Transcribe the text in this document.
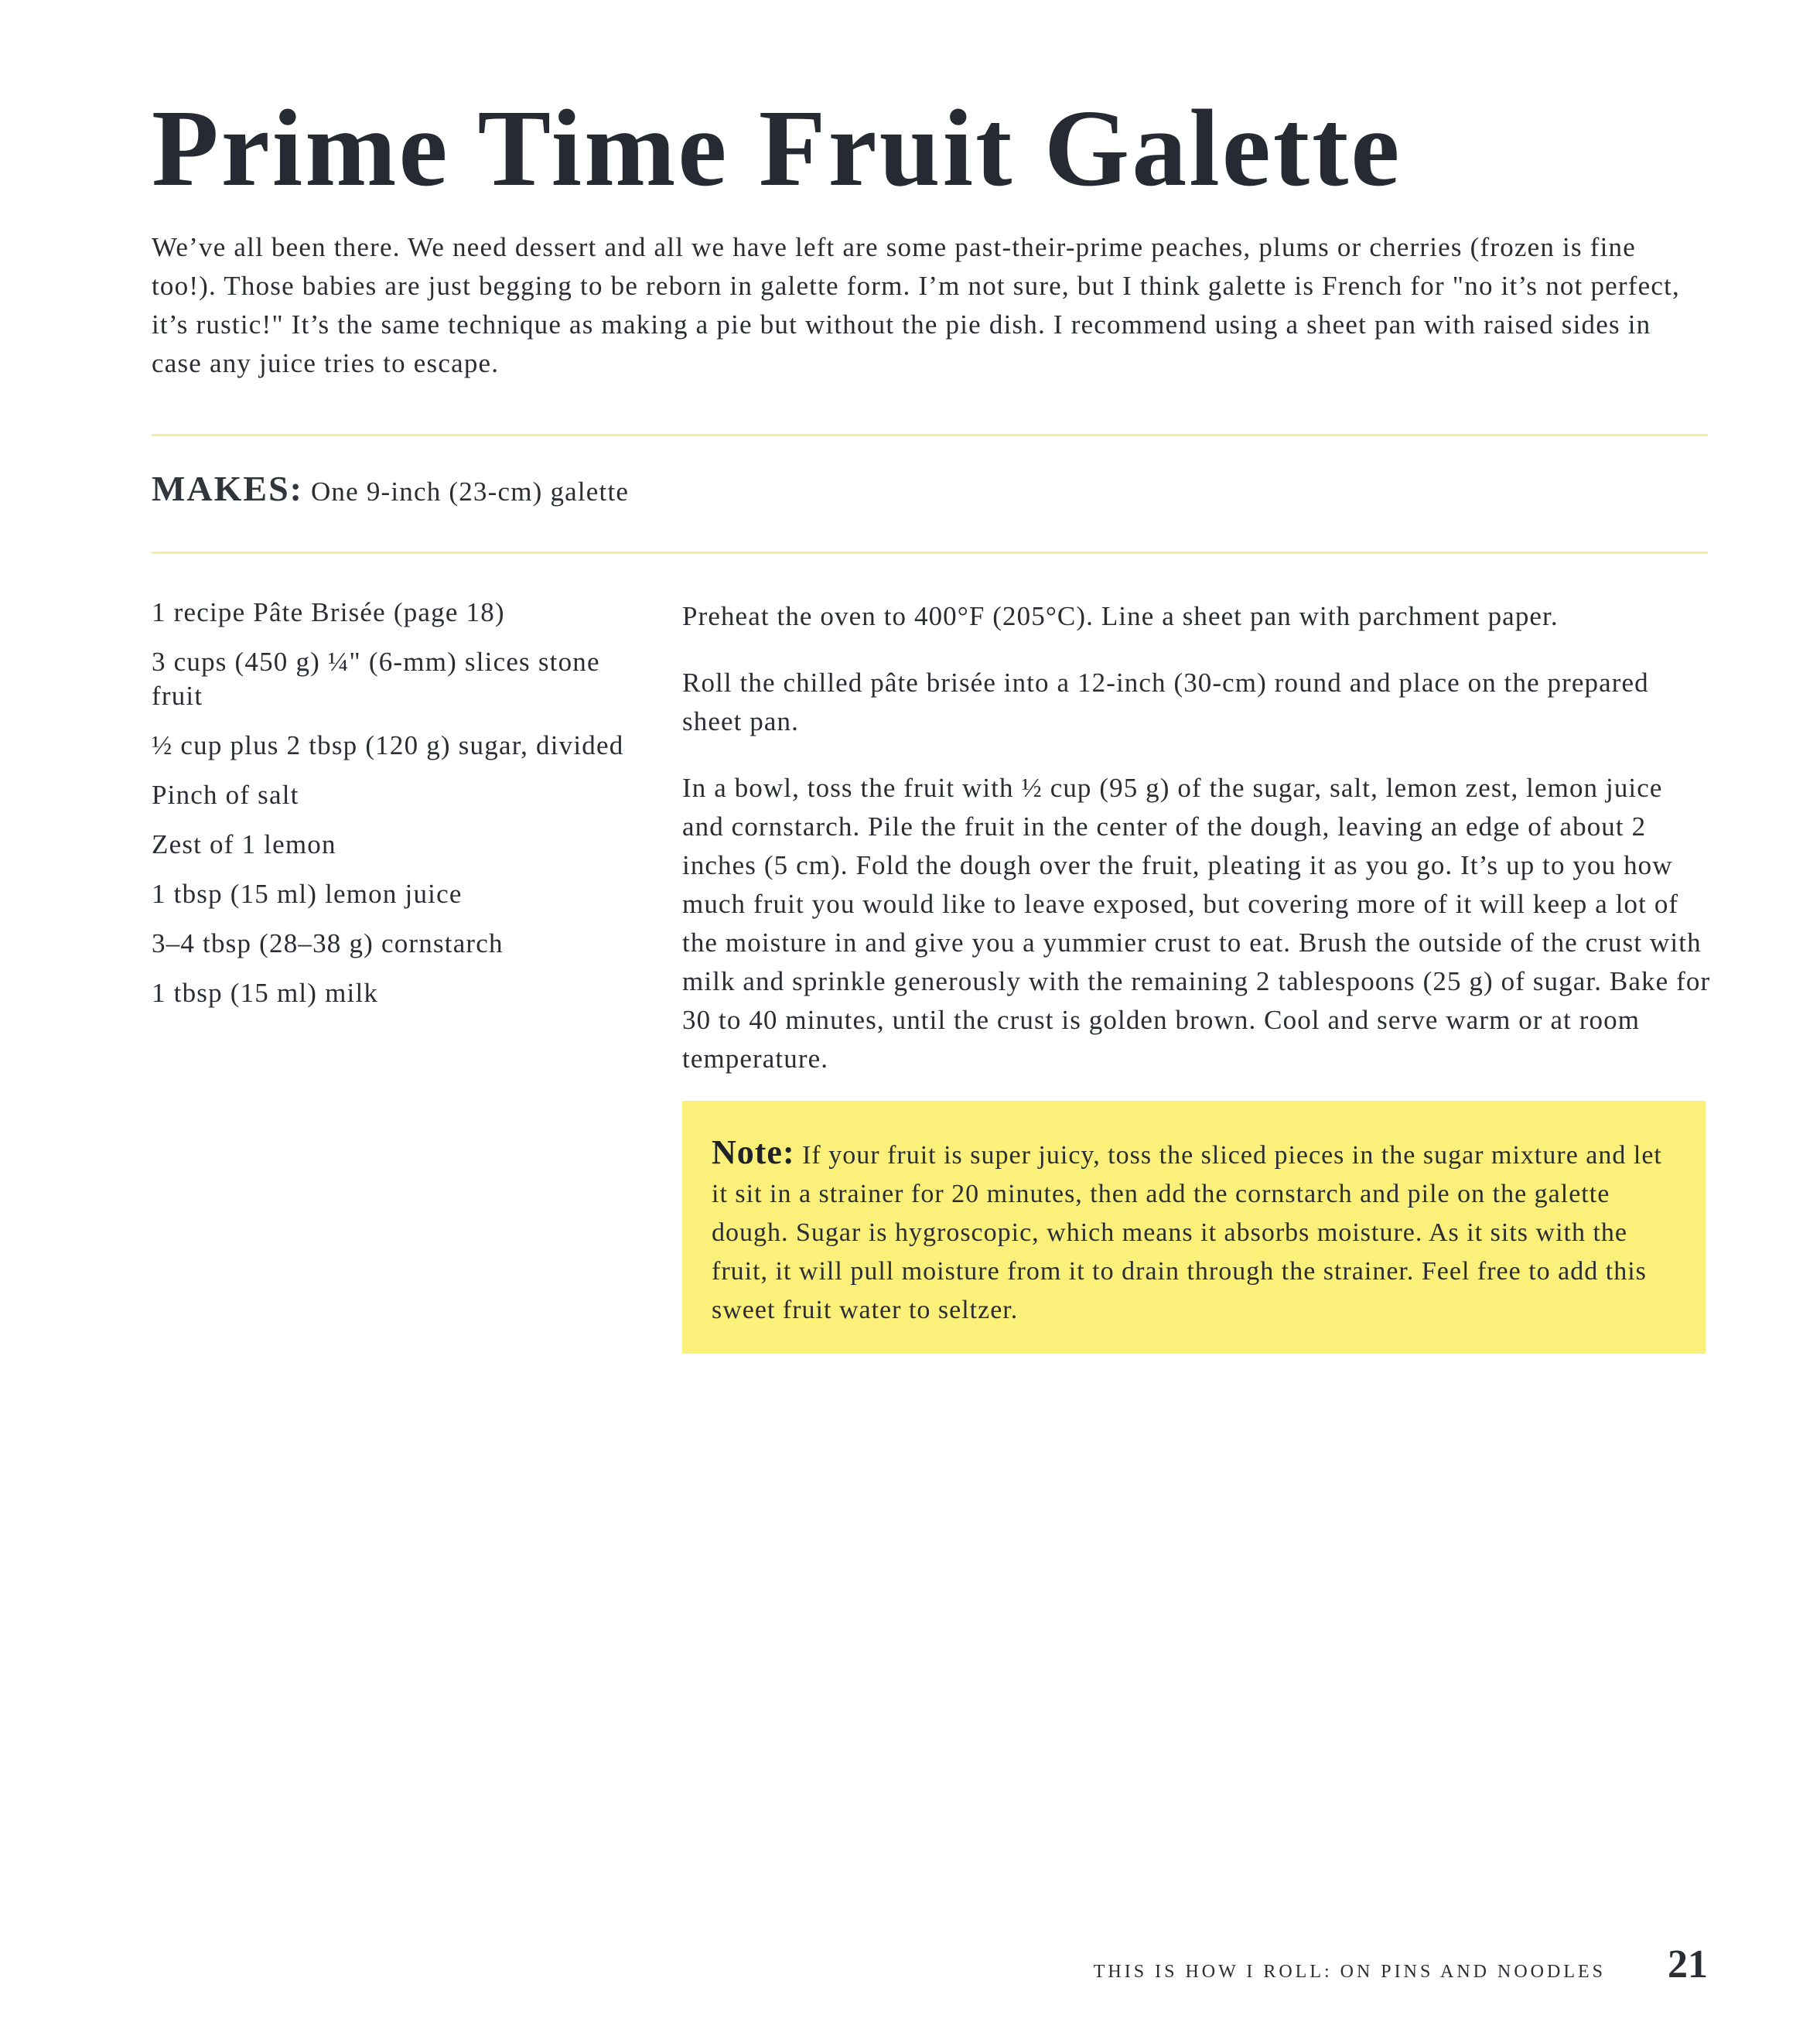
Prime Time Fruit Galette

We’ve all been there. We need dessert and all we have left are some past-their-prime peaches, plums or cherries (frozen is fine too!). Those babies are just begging to be reborn in galette form. I’m not sure, but I think galette is French for "no it’s not perfect, it’s rustic!" It’s the same technique as making a pie but without the pie dish. I recommend using a sheet pan with raised sides in case any juice tries to escape.

MAKES: One 9-inch (23-cm) galette
1 recipe Pâte Brisée (page 18)
3 cups (450 g) ¼" (6-mm) slices stone fruit
½ cup plus 2 tbsp (120 g) sugar, divided
Pinch of salt
Zest of 1 lemon
1 tbsp (15 ml) lemon juice
3–4 tbsp (28–38 g) cornstarch
1 tbsp (15 ml) milk

Preheat the oven to 400°F (205°C). Line a sheet pan with parchment paper.

Roll the chilled pâte brisée into a 12-inch (30-cm) round and place on the prepared sheet pan.

In a bowl, toss the fruit with ½ cup (95 g) of the sugar, salt, lemon zest, lemon juice and cornstarch. Pile the fruit in the center of the dough, leaving an edge of about 2 inches (5 cm). Fold the dough over the fruit, pleating it as you go. It’s up to you how much fruit you would like to leave exposed, but covering more of it will keep a lot of the moisture in and give you a yummier crust to eat. Brush the outside of the crust with milk and sprinkle generously with the remaining 2 tablespoons (25 g) of sugar. Bake for 30 to 40 minutes, until the crust is golden brown. Cool and serve warm or at room temperature.

Note: If your fruit is super juicy, toss the sliced pieces in the sugar mixture and let it sit in a strainer for 20 minutes, then add the cornstarch and pile on the galette dough. Sugar is hygroscopic, which means it absorbs moisture. As it sits with the fruit, it will pull moisture from it to drain through the strainer. Feel free to add this sweet fruit water to seltzer.
THIS IS HOW I ROLL: ON PINS AND NOODLES 21
